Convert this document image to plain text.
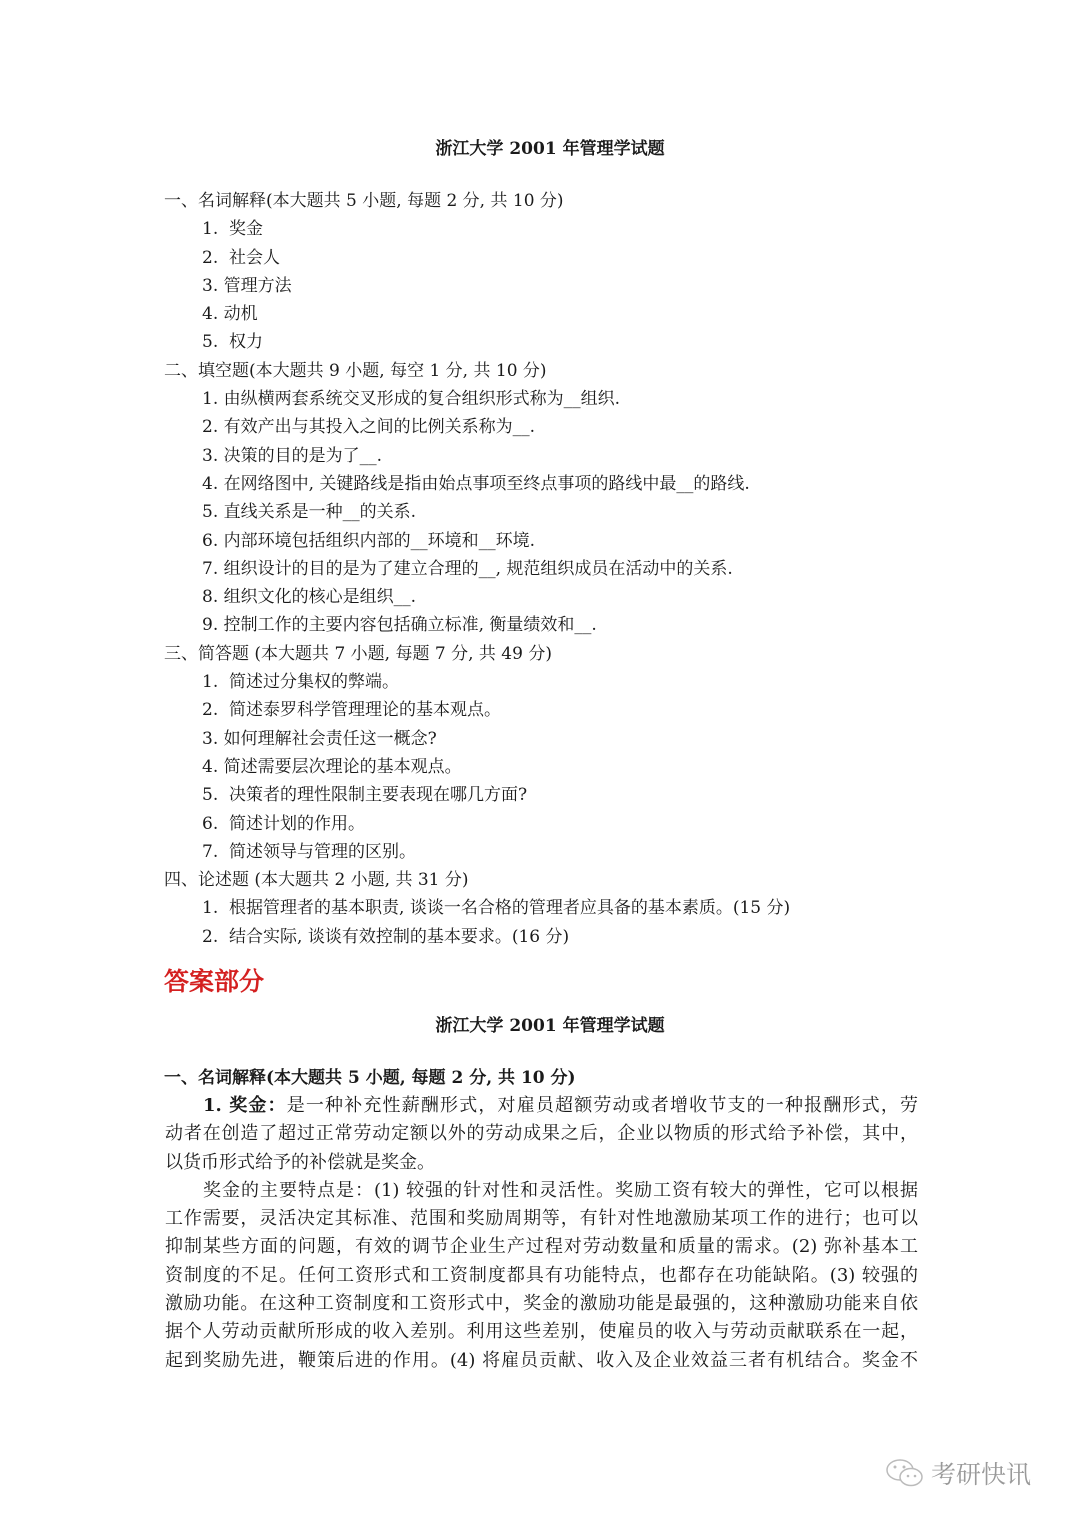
浙江大学 2001 年管理学试题
一、名词解释(本大题共 5 小题, 每题 2 分, 共 10 分)
1.  奖金
2.  社会人
3. 管理方法
4. 动机
5.  权力
二、填空题(本大题共 9 小题, 每空 1 分, 共 10 分)
1. 由纵横两套系统交叉形成的复合组织形式称为__组织.
2. 有效产出与其投入之间的比例关系称为__.
3. 决策的目的是为了__.
4. 在网络图中, 关键路线是指由始点事项至终点事项的路线中最__的路线.
5. 直线关系是一种__的关系.
6. 内部环境包括组织内部的__环境和__环境.
7. 组织设计的目的是为了建立合理的__, 规范组织成员在活动中的关系.
8. 组织文化的核心是组织__.
9. 控制工作的主要内容包括确立标准, 衡量绩效和__.
三、简答题 (本大题共 7 小题, 每题 7 分, 共 49 分)
1.  简述过分集权的弊端。
2.  简述泰罗科学管理理论的基本观点。
3. 如何理解社会责任这一概念?
4. 简述需要层次理论的基本观点。
5.  决策者的理性限制主要表现在哪几方面?
6.  简述计划的作用。
7.  简述领导与管理的区别。
四、论述题 (本大题共 2 小题, 共 31 分)
1.  根据管理者的基本职责, 谈谈一名合格的管理者应具备的基本素质。(15 分)
2.  结合实际, 谈谈有效控制的基本要求。(16 分)
答案部分
浙江大学 2001 年管理学试题
一、名词解释(本大题共 5 小题, 每题 2 分, 共 10 分)
1. 奖金：是一种补充性薪酬形式，对雇员超额劳动或者增收节支的一种报酬形式，劳
动者在创造了超过正常劳动定额以外的劳动成果之后，企业以物质的形式给予补偿，其中，
以货币形式给予的补偿就是奖金。
奖金的主要特点是：(1) 较强的针对性和灵活性。奖励工资有较大的弹性，它可以根据
工作需要，灵活决定其标准、范围和奖励周期等，有针对性地激励某项工作的进行；也可以
抑制某些方面的问题，有效的调节企业生产过程对劳动数量和质量的需求。(2) 弥补基本工
资制度的不足。任何工资形式和工资制度都具有功能特点，也都存在功能缺陷。(3) 较强的
激励功能。在这种工资制度和工资形式中，奖金的激励功能是最强的，这种激励功能来自依
据个人劳动贡献所形成的收入差别。利用这些差别，使雇员的收入与劳动贡献联系在一起，
起到奖励先进，鞭策后进的作用。(4) 将雇员贡献、收入及企业效益三者有机结合。奖金不
考研快讯
